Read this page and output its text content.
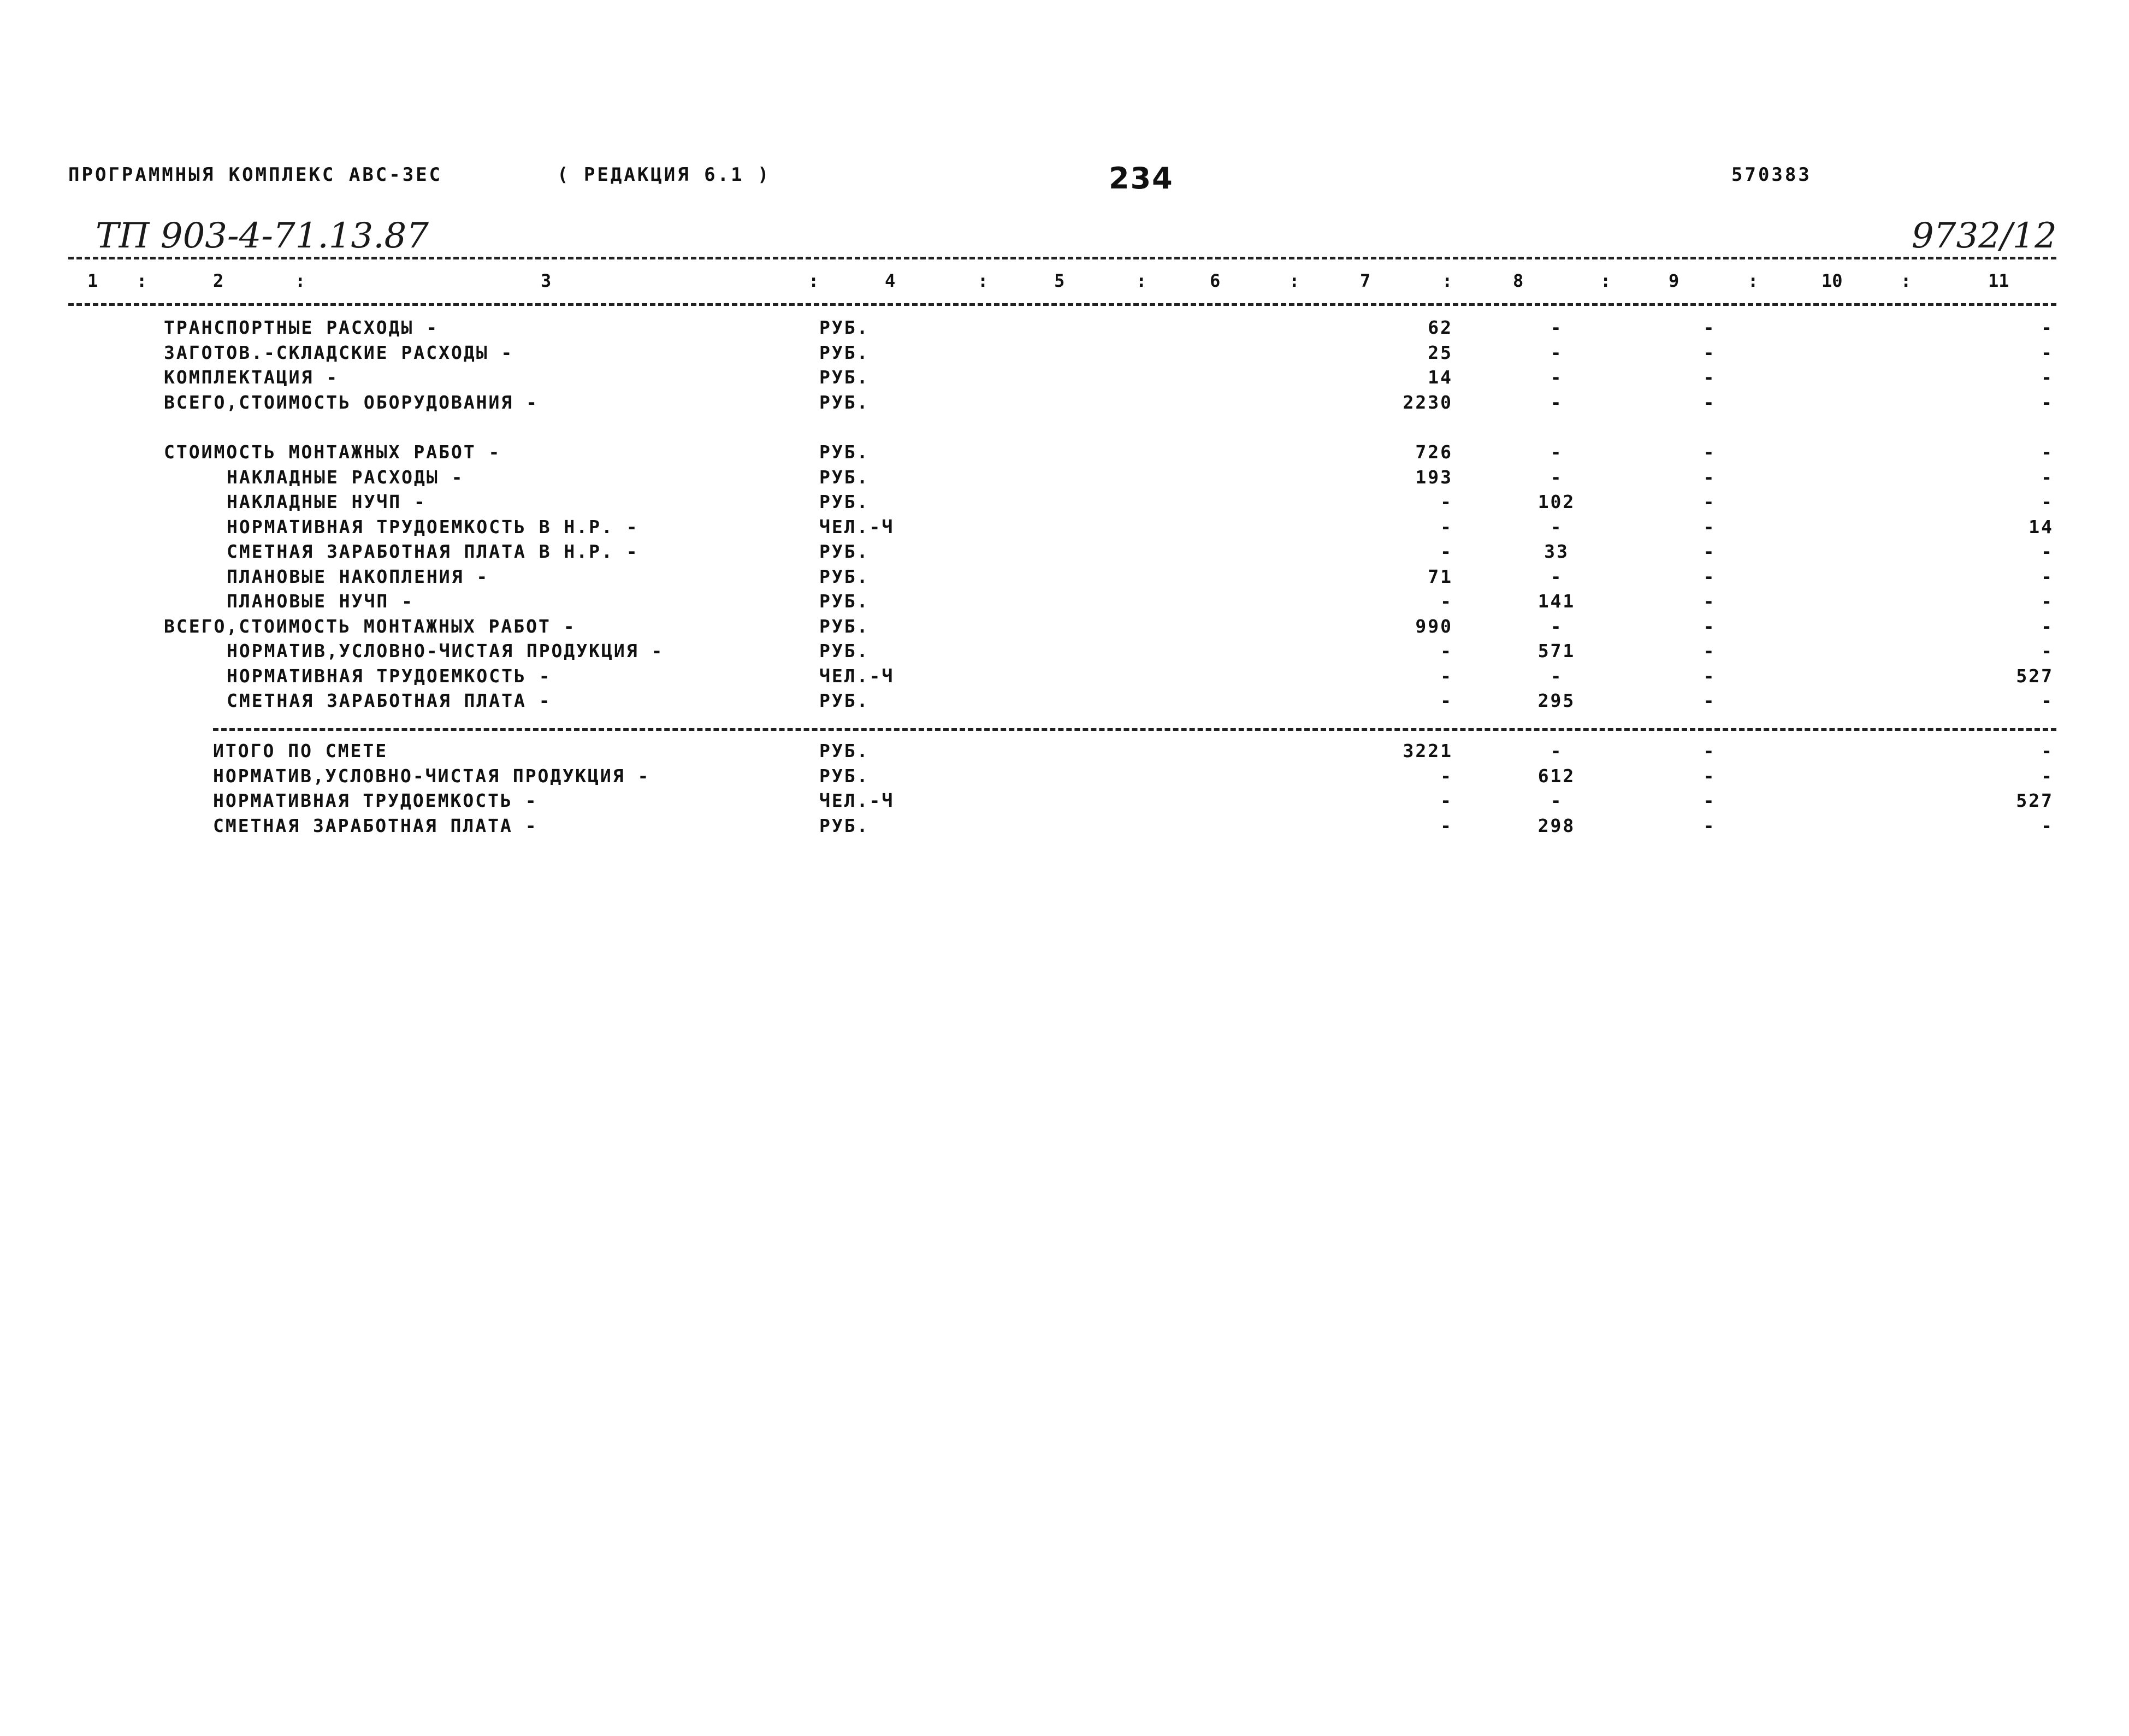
ПРОГРАММНЫЯ КОМПЛЕКС АВС-ЗЕС	( РЕДАКЦИЯ 6.1 )	234	570383
ТП 903-4-71.13.87	9732/12
1	2	3	4	5	6	7	8	9	10	11
:	:	:	:	:	:	:	:	:	:
ТРАНСПОРТНЫЕ РАСХОДЫ -	РУБ.	62	-	-	-
ЗАГОТОВ.-СКЛАДСКИЕ РАСХОДЫ -	РУБ.	25	-	-	-
КОМПЛЕКТАЦИЯ -	РУБ.	14	-	-	-
ВСЕГО,СТОИМОСТЬ ОБОРУДОВАНИЯ -	РУБ.	2230	-	-	-
СТОИМОСТЬ МОНТАЖНЫХ РАБОТ -	РУБ.	726	-	-	-
НАКЛАДНЫЕ РАСХОДЫ -	РУБ.	193	-	-	-
НАКЛАДНЫЕ НУЧП -	РУБ.	-	102	-	-
НОРМАТИВНАЯ ТРУДОЕМКОСТЬ В Н.Р. -	ЧЕЛ.-Ч	-	-	-	14
СМЕТНАЯ ЗАРАБОТНАЯ ПЛАТА В Н.Р. -	РУБ.	-	33	-	-
ПЛАНОВЫЕ НАКОПЛЕНИЯ -	РУБ.	71	-	-	-
ПЛАНОВЫЕ НУЧП -	РУБ.	-	141	-	-
ВСЕГО,СТОИМОСТЬ МОНТАЖНЫХ РАБОТ -	РУБ.	990	-	-	-
НОРМАТИВ,УСЛОВНО-ЧИСТАЯ ПРОДУКЦИЯ -	РУБ.	-	571	-	-
НОРМАТИВНАЯ ТРУДОЕМКОСТЬ -	ЧЕЛ.-Ч	-	-	-	527
СМЕТНАЯ ЗАРАБОТНАЯ ПЛАТА -	РУБ.	-	295	-	-
ИТОГО ПО СМЕТЕ	РУБ.	3221	-	-	-
НОРМАТИВ,УСЛОВНО-ЧИСТАЯ ПРОДУКЦИЯ -	РУБ.	-	612	-	-
НОРМАТИВНАЯ ТРУДОЕМКОСТЬ -	ЧЕЛ.-Ч	-	-	-	527
СМЕТНАЯ ЗАРАБОТНАЯ ПЛАТА -	РУБ.	-	298	-	-
